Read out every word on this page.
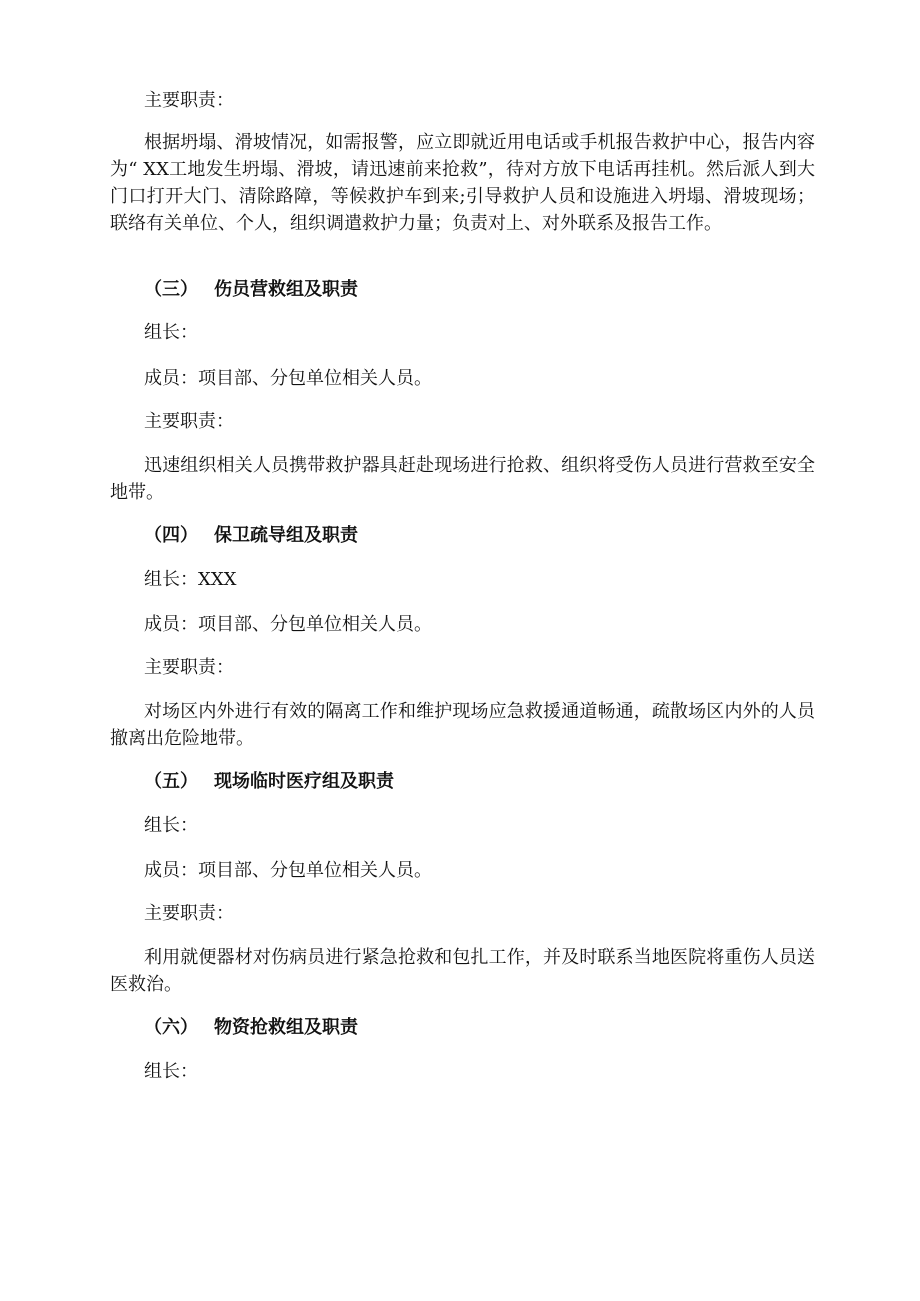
主要职责：
根据坍塌、滑坡情况，如需报警，应立即就近用电话或手机报告救护中心，报告内容为“ XX工地发生坍塌、滑坡，请迅速前来抢救”，待对方放下电话再挂机。然后派人到大门口打开大门、清除路障，等候救护车到来;引导救护人员和设施进入坍塌、滑坡现场；联络有关单位、个人，组织调遣救护力量；负责对上、对外联系及报告工作。
（三） 伤员营救组及职责
组长：
成员：项目部、分包单位相关人员。
主要职责：
迅速组织相关人员携带救护器具赶赴现场进行抢救、组织将受伤人员进行营救至安全地带。
（四） 保卫疏导组及职责
组长：XXX
成员：项目部、分包单位相关人员。
主要职责：
对场区内外进行有效的隔离工作和维护现场应急救援通道畅通，疏散场区内外的人员撤离出危险地带。
（五） 现场临时医疗组及职责
组长：
成员：项目部、分包单位相关人员。
主要职责：
利用就便器材对伤病员进行紧急抢救和包扎工作，并及时联系当地医院将重伤人员送医救治。
（六） 物资抢救组及职责
组长：
